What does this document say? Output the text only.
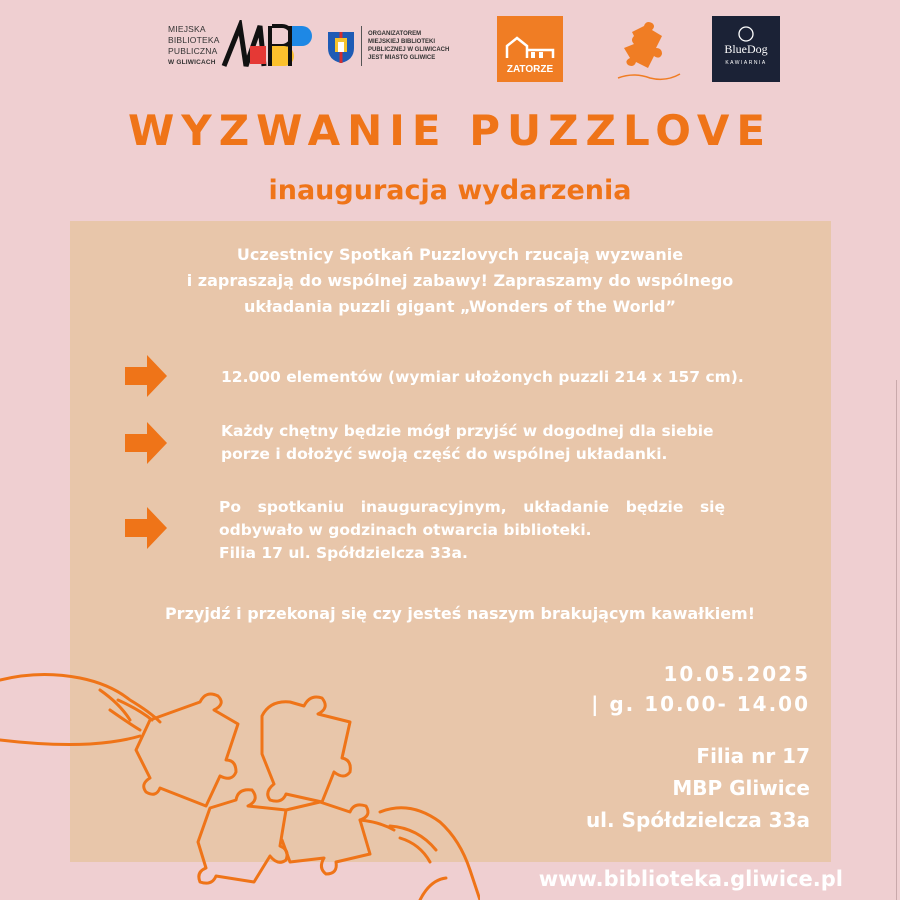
MIEJSKA
BIBLIOTEKA
PUBLICZNA
W GLIWICACH
ORGANIZATOREM
MIEJSKIEJ BIBLIOTEKI
PUBLICZNEJ W GLIWICACH
JEST MIASTO GLIWICE
ZATORZE
BlueDog
KAWIARNIA
WYZWANIE PUZZLOVE
inauguracja wydarzenia
Uczestnicy Spotkań Puzzlovych rzucają wyzwanie
i zapraszają do wspólnej zabawy! Zapraszamy do wspólnego
układania puzzli gigant „Wonders of the World”
12.000 elementów (wymiar ułożonych puzzli 214 x 157 cm).
Każdy chętny będzie mógł przyjść w dogodnej dla siebie
porze i dołożyć swoją część do wspólnej układanki.
Po spotkaniu inauguracyjnym, układanie będzie się
odbywało w godzinach otwarcia biblioteki.
Filia 17 ul. Spółdzielcza 33a.
Przyjdź i przekonaj się czy jesteś naszym brakującym kawałkiem!
10.05.2025
| g. 10.00- 14.00
Filia nr 17
MBP Gliwice
ul. Spółdzielcza 33a
www.biblioteka.gliwice.pl
